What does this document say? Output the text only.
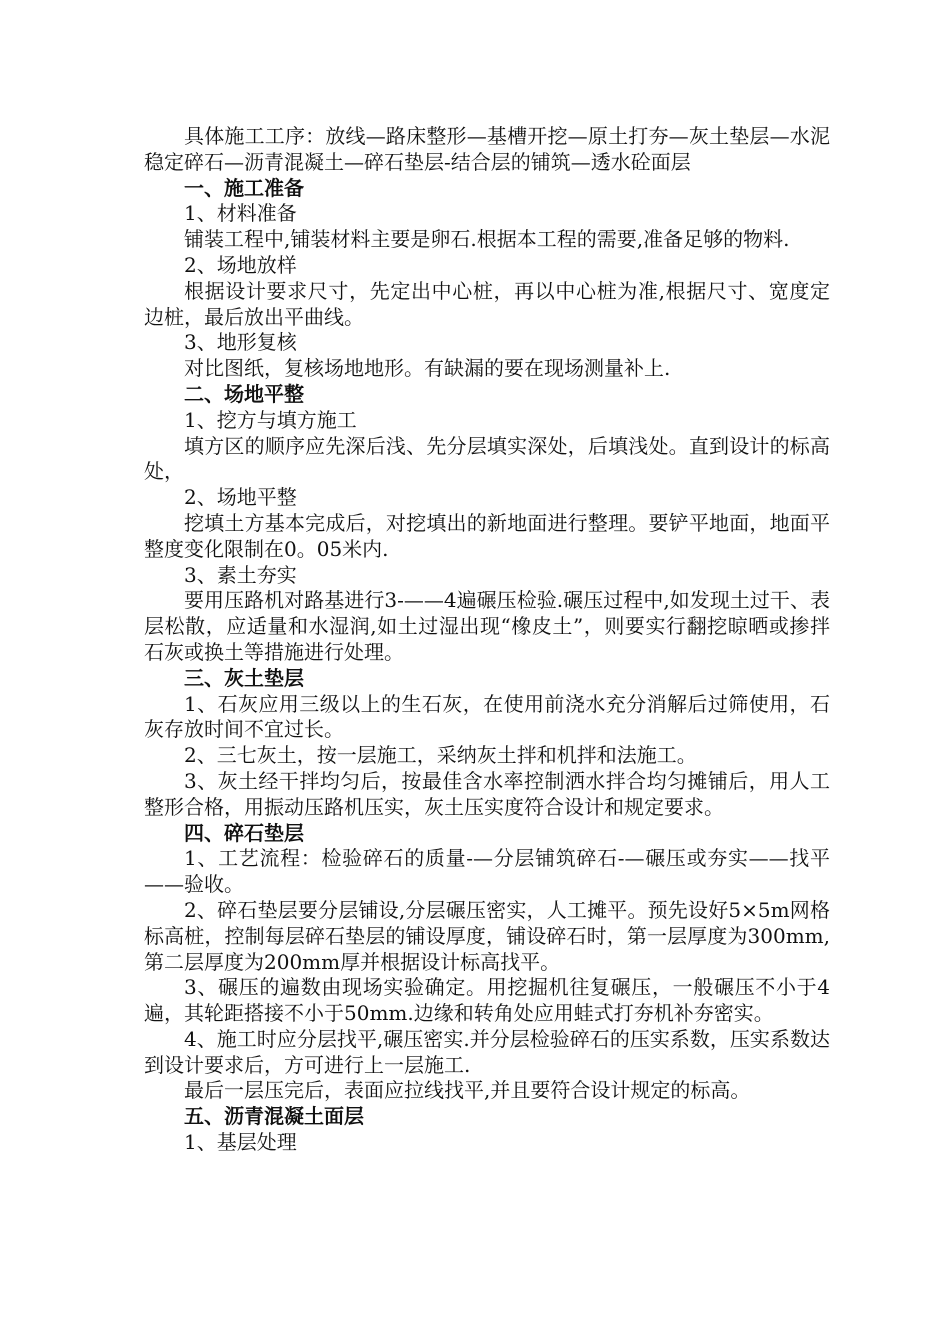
具体施工工序：放线—路床整形—基槽开挖—原土打夯—灰土垫层—水泥稳定碎石—沥青混凝土—碎石垫层-结合层的铺筑—透水砼面层

一、施工准备

1、材料准备

铺装工程中,铺装材料主要是卵石.根据本工程的需要,准备足够的物料.

2、场地放样

根据设计要求尺寸，先定出中心桩，再以中心桩为准,根据尺寸、宽度定边桩，最后放出平曲线。

3、地形复核

对比图纸，复核场地地形。有缺漏的要在现场测量补上.

二、场地平整

1、挖方与填方施工

填方区的顺序应先深后浅、先分层填实深处，后填浅处。直到设计的标高处，

2、场地平整

挖填土方基本完成后，对挖填出的新地面进行整理。要铲平地面，地面平整度变化限制在0。05米内.

3、素土夯实

要用压路机对路基进行3-——4遍碾压检验.碾压过程中,如发现土过干、表层松散，应适量和水湿润,如土过湿出现“橡皮土”，则要实行翻挖晾晒或掺拌石灰或换土等措施进行处理。

三、灰土垫层

1、石灰应用三级以上的生石灰，在使用前浇水充分消解后过筛使用，石灰存放时间不宜过长。

2、三七灰土，按一层施工，采纳灰土拌和机拌和法施工。

3、灰土经干拌均匀后，按最佳含水率控制洒水拌合均匀摊铺后，用人工整形合格，用振动压路机压实，灰土压实度符合设计和规定要求。

四、碎石垫层

1、工艺流程：检验碎石的质量-—分层铺筑碎石-—碾压或夯实——找平——验收。

2、碎石垫层要分层铺设,分层碾压密实，人工摊平。预先设好5×5m网格标高桩，控制每层碎石垫层的铺设厚度，铺设碎石时，第一层厚度为300mm,第二层厚度为200mm厚并根据设计标高找平。

3、碾压的遍数由现场实验确定。用挖掘机往复碾压，一般碾压不小于4遍，其轮距搭接不小于50mm.边缘和转角处应用蛙式打夯机补夯密实。

4、施工时应分层找平,碾压密实.并分层检验碎石的压实系数，压实系数达到设计要求后，方可进行上一层施工.

最后一层压完后，表面应拉线找平,并且要符合设计规定的标高。

五、沥青混凝土面层

1、基层处理
